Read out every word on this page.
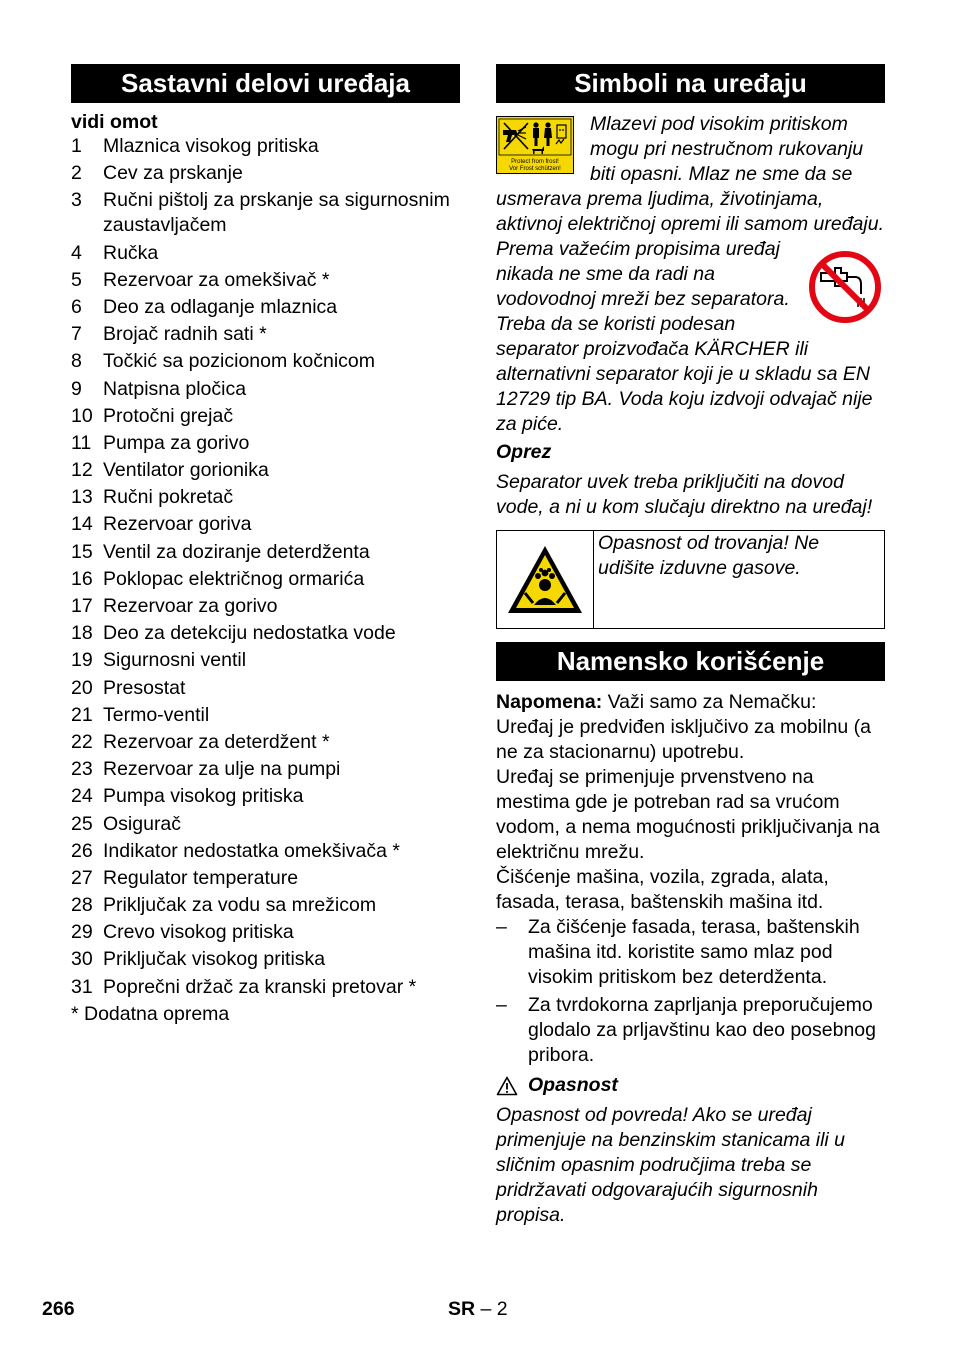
Sastavni delovi uređaja
vidi omot
1	Mlaznica visokog pritiska
2	Cev za prskanje
3	Ručni pištolj za prskanje sa sigurnosnim zaustavljačem
4	Ručka
5	Rezervoar za omekšivač *
6	Deo za odlaganje mlaznica
7	Brojač radnih sati *
8	Točkić sa pozicionom kočnicom
9	Natpisna pločica
10 Protočni grejač
11 Pumpa za gorivo
12 Ventilator gorionika
13 Ručni pokretač
14 Rezervoar goriva
15 Ventil za doziranje deterdženta
16 Poklopac električnog ormarića
17 Rezervoar za gorivo
18 Deo za detekciju nedostatka vode
19 Sigurnosni ventil
20 Presostat
21 Termo-ventil
22 Rezervoar za deterdžent *
23 Rezervoar za ulje na pumpi
24 Pumpa visokog pritiska
25 Osigurač
26 Indikator nedostatka omekšivača *
27 Regulator temperature
28 Priključak za vodu sa mrežicom
29 Crevo visokog pritiska
30 Priključak visokog pritiska
31 Poprečni držač za kranski pretovar *
* Dodatna oprema
Simboli na uređaju
Protect from frost!
Vor Frost schützen!
Mlazevi pod visokim pritiskom mogu pri nestručnom rukovanju biti opasni. Mlaz ne sme da se usmerava prema ljudima, životinjama, aktivnoj električnoj opremi ili samom uređaju.
Prema važećim propisima uređaj nikada ne sme da radi na vodovodnoj mreži bez separatora. Treba da se koristi podesan separator proizvođača KÄRCHER ili alternativni separator koji je u skladu sa EN 12729 tip BA. Voda koju izdvoji odvajač nije za piće.
Oprez
Separator uvek treba priključiti na dovod vode, a ni u kom slučaju direktno na uređaj!
Opasnost od trovanja! Ne udišite izduvne gasove.
Namensko korišćenje
Napomena: Važi samo za Nemačku:
Uređaj je predviđen isključivo za mobilnu (a ne za stacionarnu) upotrebu.
Uređaj se primenjuje prvenstveno na mestima gde je potreban rad sa vrućom vodom, a nema mogućnosti priključivanja na električnu mrežu.
Čišćenje mašina, vozila, zgrada, alata, fasada, terasa, baštenskih mašina itd.
–	Za čišćenje fasada, terasa, baštenskih mašina itd. koristite samo mlaz pod visokim pritiskom bez deterdženta.
–	Za tvrdokorna zaprljanja preporučujemo glodalo za prljavštinu kao deo posebnog pribora.
Opasnost
Opasnost od povreda! Ako se uređaj primenjuje na benzinskim stanicama ili u sličnim opasnim područjima treba se pridržavati odgovarajućih sigurnosnih propisa.
266	SR – 2
